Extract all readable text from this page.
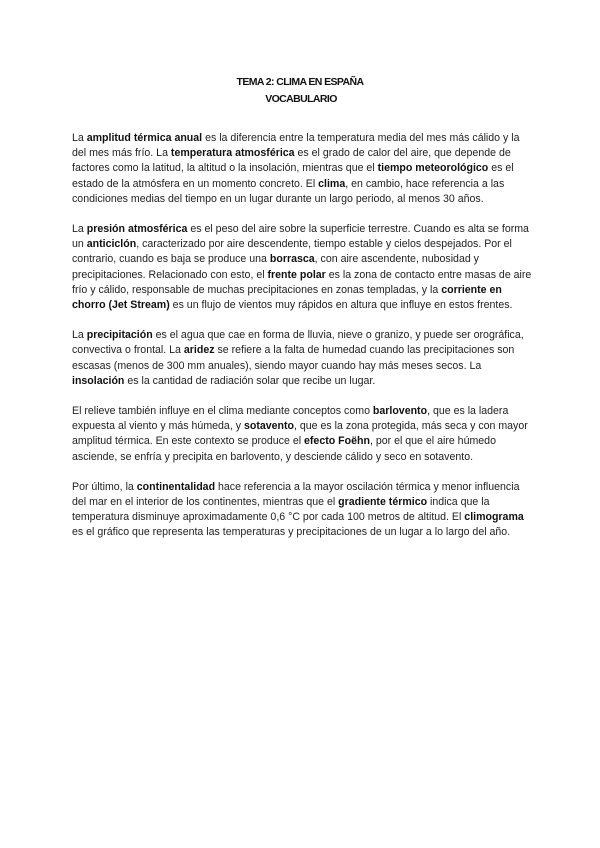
TEMA 2: CLIMA EN ESPAÑA
VOCABULARIO

La amplitud térmica anual es la diferencia entre la temperatura media del mes más cálido y la del mes más frío. La temperatura atmosférica es el grado de calor del aire, que depende de factores como la latitud, la altitud o la insolación, mientras que el tiempo meteorológico es el estado de la atmósfera en un momento concreto. El clima, en cambio, hace referencia a las condiciones medias del tiempo en un lugar durante un largo periodo, al menos 30 años.

La presión atmosférica es el peso del aire sobre la superficie terrestre. Cuando es alta se forma un anticiclón, caracterizado por aire descendente, tiempo estable y cielos despejados. Por el contrario, cuando es baja se produce una borrasca, con aire ascendente, nubosidad y precipitaciones. Relacionado con esto, el frente polar es la zona de contacto entre masas de aire frío y cálido, responsable de muchas precipitaciones en zonas templadas, y la corriente en chorro (Jet Stream) es un flujo de vientos muy rápidos en altura que influye en estos frentes.

La precipitación es el agua que cae en forma de lluvia, nieve o granizo, y puede ser orográfica, convectiva o frontal. La aridez se refiere a la falta de humedad cuando las precipitaciones son escasas (menos de 300 mm anuales), siendo mayor cuando hay más meses secos. La insolación es la cantidad de radiación solar que recibe un lugar.

El relieve también influye en el clima mediante conceptos como barlovento, que es la ladera expuesta al viento y más húmeda, y sotavento, que es la zona protegida, más seca y con mayor amplitud térmica. En este contexto se produce el efecto Foëhn, por el que el aire húmedo asciende, se enfría y precipita en barlovento, y desciende cálido y seco en sotavento.

Por último, la continentalidad hace referencia a la mayor oscilación térmica y menor influencia del mar en el interior de los continentes, mientras que el gradiente térmico indica que la temperatura disminuye aproximadamente 0,6 °C por cada 100 metros de altitud. El climograma es el gráfico que representa las temperaturas y precipitaciones de un lugar a lo largo del año.
